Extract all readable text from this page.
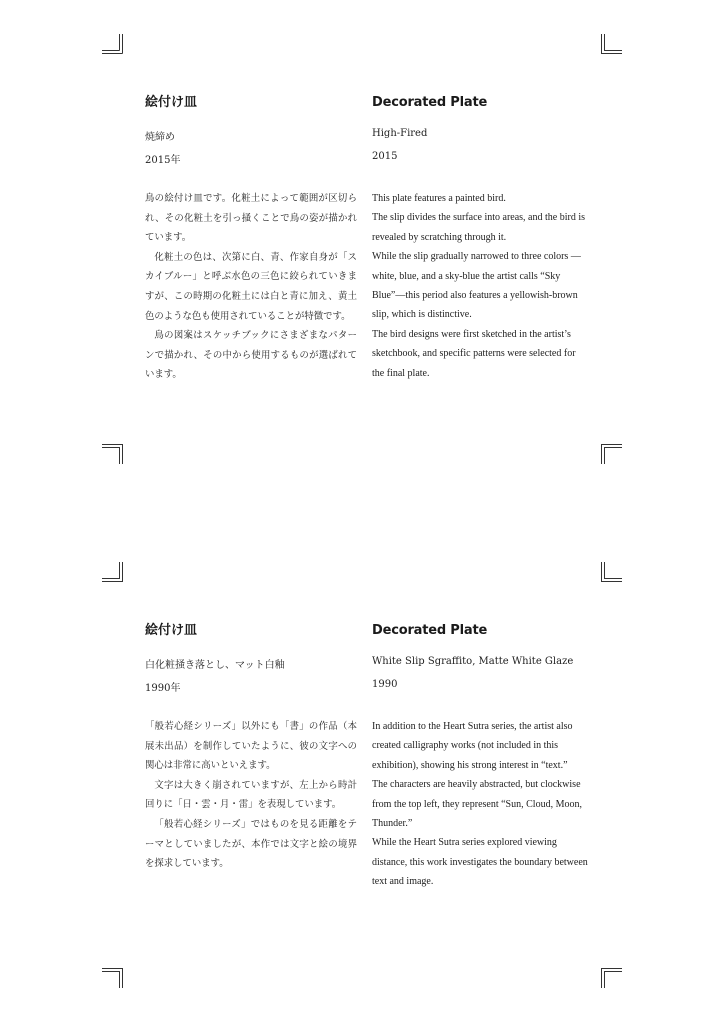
絵付け皿
焼締め
2015年

鳥の絵付け皿です。化粧土によって範囲が区切られ、その化粧土を引っ掻くことで鳥の姿が描かれています。

化粧土の色は、次第に白、青、作家自身が「スカイブルー」と呼ぶ水色の三色に絞られていきますが、この時期の化粧土には白と青に加え、黄土色のような色も使用されていることが特徴です。

鳥の図案はスケッチブックにさまざまなパターンで描かれ、その中から使用するものが選ばれています。

Decorated Plate
High-Fired
2015

This plate features a painted bird.

The slip divides the surface into areas, and the bird is revealed by scratching through it.

While the slip gradually narrowed to three colors —white, blue, and a sky-blue the artist calls “Sky Blue”—this period also features a yellowish-brown slip, which is distinctive.

The bird designs were first sketched in the artist’s sketchbook, and specific patterns were selected for the final plate.

絵付け皿
白化粧掻き落とし、マット白釉
1990年

「般若心経シリーズ」以外にも「書」の作品（本展未出品）を制作していたように、彼の文字への関心は非常に高いといえます。

文字は大きく崩されていますが、左上から時計回りに「日・雲・月・雷」を表現しています。

「般若心経シリーズ」ではものを見る距離をテーマとしていましたが、本作では文字と絵の境界を探求しています。

Decorated Plate
White Slip Sgraffito, Matte White Glaze
1990

In addition to the Heart Sutra series, the artist also created calligraphy works (not included in this exhibition), showing his strong interest in “text.”

The characters are heavily abstracted, but clockwise from the top left, they represent “Sun, Cloud, Moon, Thunder.”

While the Heart Sutra series explored viewing distance, this work investigates the boundary between text and image.
